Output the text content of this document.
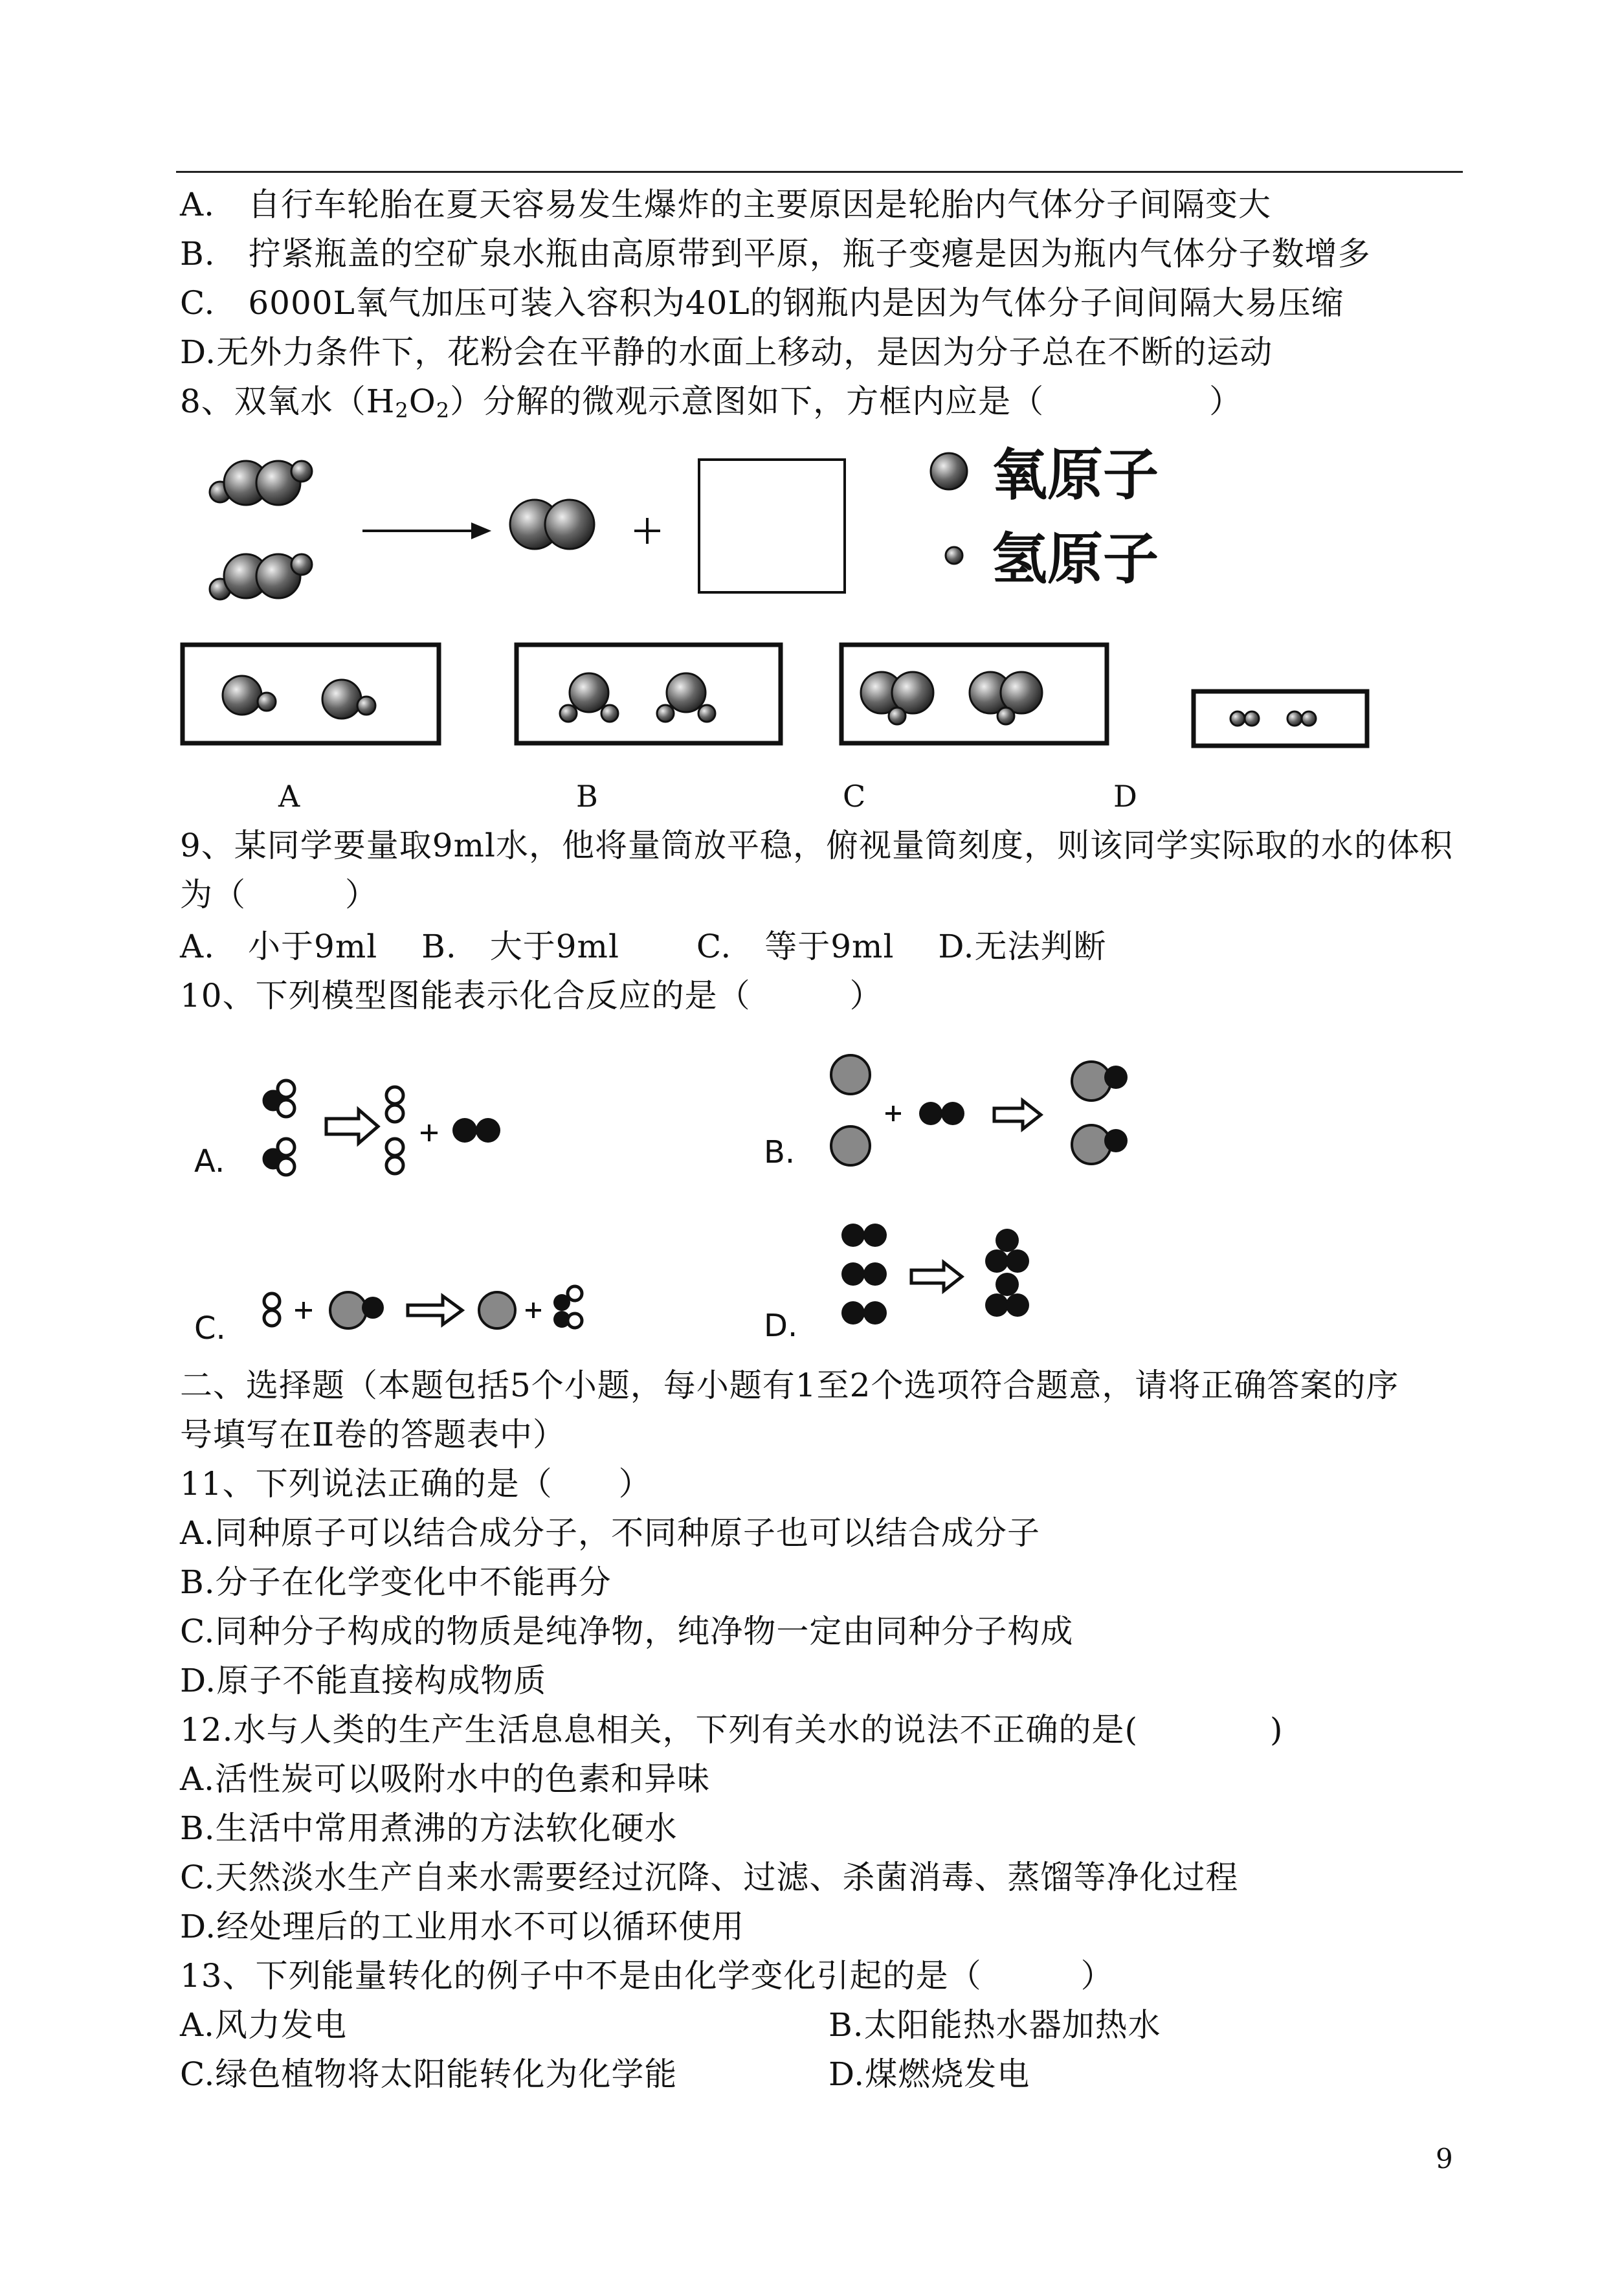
A.　自行车轮胎在夏天容易发生爆炸的主要原因是轮胎内气体分子间隔变大
B.　拧紧瓶盖的空矿泉水瓶由高原带到平原，瓶子变瘪是因为瓶内气体分子数增多
C.　6000L氧气加压可装入容积为40L的钢瓶内是因为气体分子间间隔大易压缩
D.无外力条件下，花粉会在平静的水面上移动，是因为分子总在不断的运动
8、双氧水$(H_2O_2)$分解的微观示意图如下，方框内应是（　　　　　）
氧原子
氢原子
A	B	C	D
9、某同学要量取9ml水，他将量筒放平稳，俯视量筒刻度，则该同学实际取的水的体积
为（　　　）
A.　小于9ml　 B.　大于9ml　　 C.　等于9ml　 D.无法判断
10、下列模型图能表示化合反应的是（　　　）
A.	B.
C.	D.
二、选择题（本题包括5个小题，每小题有1至2个选项符合题意，请将正确答案的序
号填写在Ⅱ卷的答题表中）
11、下列说法正确的是（　　）
A.同种原子可以结合成分子，不同种原子也可以结合成分子
B.分子在化学变化中不能再分
C.同种分子构成的物质是纯净物，纯净物一定由同种分子构成
D.原子不能直接构成物质
12.水与人类的生产生活息息相关，下列有关水的说法不正确的是(　　　　)
A.活性炭可以吸附水中的色素和异味
B.生活中常用煮沸的方法软化硬水
C.天然淡水生产自来水需要经过沉降、过滤、杀菌消毒、蒸馏等净化过程
D.经处理后的工业用水不可以循环使用
13、下列能量转化的例子中不是由化学变化引起的是（　　　）
A.风力发电	B.太阳能热水器加热水
C.绿色植物将太阳能转化为化学能	D.煤燃烧发电
9
